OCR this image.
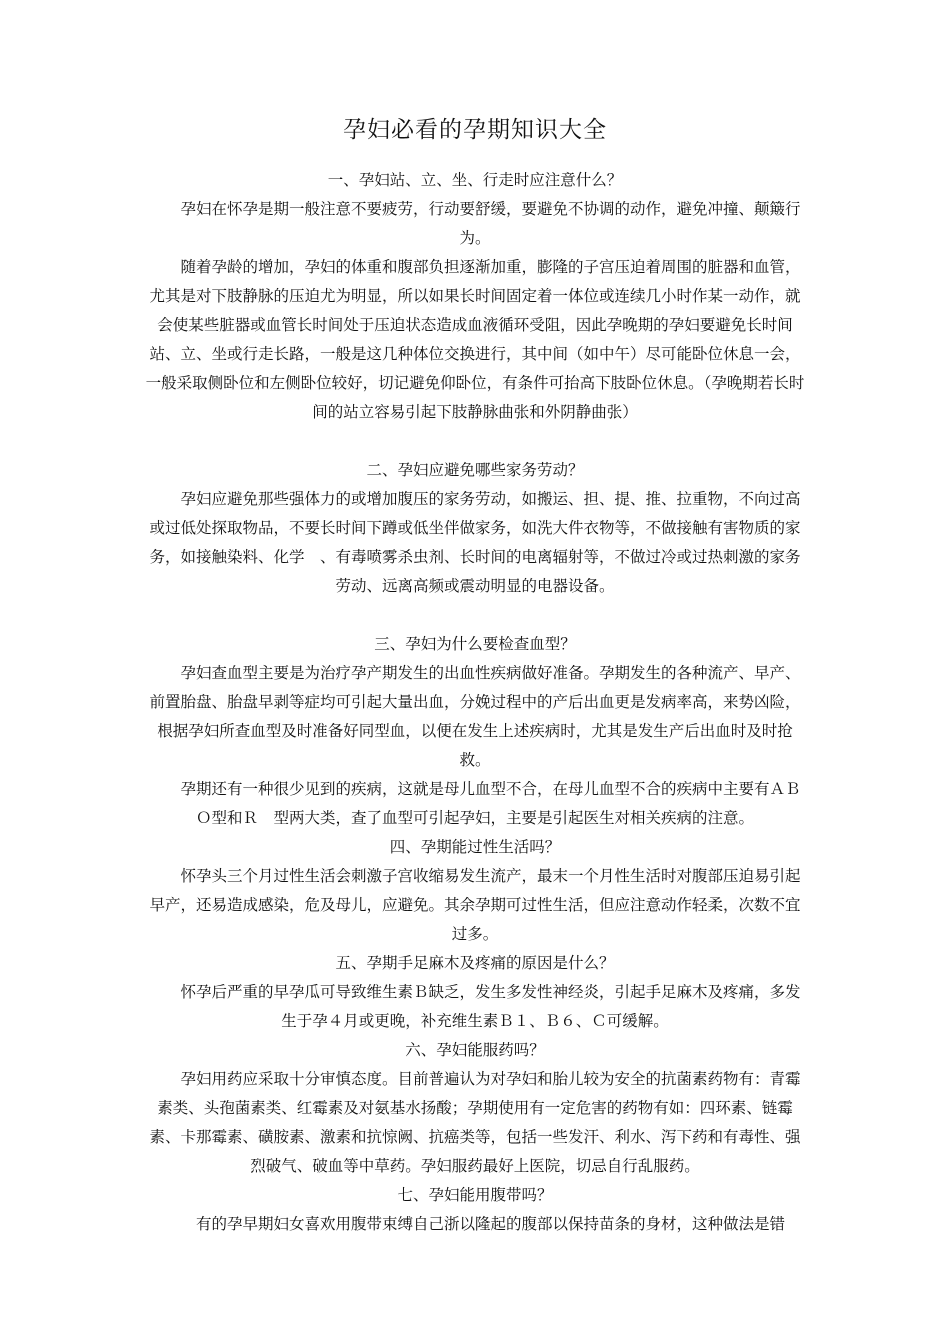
孕妇必看的孕期知识大全

一、孕妇站、立、坐、行走时应注意什么？

孕妇在怀孕是期一般注意不要疲劳，行动要舒缓，要避免不协调的动作，避免冲撞、颠簸行为。

随着孕龄的增加，孕妇的体重和腹部负担逐渐加重，膨隆的子宫压迫着周围的脏器和血管，尤其是对下肢静脉的压迫尤为明显，所以如果长时间固定着一体位或连续几小时作某一动作，就会使某些脏器或血管长时间处于压迫状态造成血液循环受阻，因此孕晚期的孕妇要避免长时间站、立、坐或行走长路，一般是这几种体位交换进行，其中间（如中午）尽可能卧位休息一会，一般采取侧卧位和左侧卧位较好，切记避免仰卧位，有条件可抬高下肢卧位休息。（孕晚期若长时间的站立容易引起下肢静脉曲张和外阴静曲张）

二、孕妇应避免哪些家务劳动？

孕妇应避免那些强体力的或增加腹压的家务劳动，如搬运、担、提、推、拉重物，不向过高或过低处探取物品，不要长时间下蹲或低坐伴做家务，如洗大件衣物等，不做接触有害物质的家务，如接触染料、化学　、有毒喷雾杀虫剂、长时间的电离辐射等，不做过冷或过热刺激的家务劳动、远离高频或震动明显的电器设备。

三、孕妇为什么要检查血型？

孕妇查血型主要是为治疗孕产期发生的出血性疾病做好准备。孕期发生的各种流产、早产、前置胎盘、胎盘早剥等症均可引起大量出血，分娩过程中的产后出血更是发病率高，来势凶险，根据孕妇所查血型及时准备好同型血，以便在发生上述疾病时，尤其是发生产后出血时及时抢救。

孕期还有一种很少见到的疾病，这就是母儿血型不合，在母儿血型不合的疾病中主要有ＡＢＯ型和Ｒ　型两大类，查了血型可引起孕妇，主要是引起医生对相关疾病的注意。

四、孕期能过性生活吗？

怀孕头三个月过性生活会刺激子宫收缩易发生流产，最末一个月性生活时对腹部压迫易引起早产，还易造成感染，危及母儿，应避免。其余孕期可过性生活，但应注意动作轻柔，次数不宜过多。

五、孕期手足麻木及疼痛的原因是什么？

怀孕后严重的早孕瓜可导致维生素Ｂ缺乏，发生多发性神经炎，引起手足麻木及疼痛，多发生于孕４月或更晚，补充维生素Ｂ１、Ｂ６、Ｃ可缓解。

六、孕妇能服药吗？

孕妇用药应采取十分审慎态度。目前普遍认为对孕妇和胎儿较为安全的抗菌素药物有：青霉素类、头孢菌素类、红霉素及对氨基水扬酸；孕期使用有一定危害的药物有如：四环素、链霉素、卡那霉素、磺胺素、激素和抗惊阙、抗癌类等，包括一些发汗、利水、泻下药和有毒性、强烈破气、破血等中草药。孕妇服药最好上医院，切忌自行乱服药。

七、孕妇能用腹带吗？

有的孕早期妇女喜欢用腹带束缚自己浙以隆起的腹部以保持苗条的身材，这种做法是错
